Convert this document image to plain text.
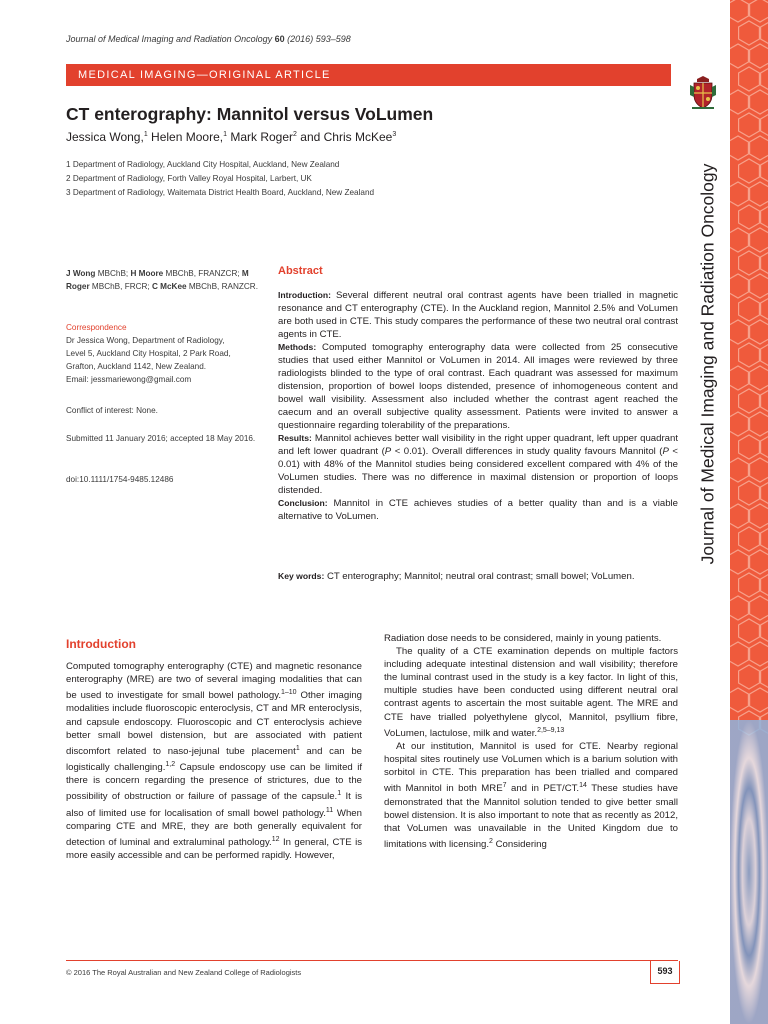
Journal of Medical Imaging and Radiation Oncology 60 (2016) 593–598
MEDICAL IMAGING—ORIGINAL ARTICLE
CT enterography: Mannitol versus VoLumen
Jessica Wong,$^1$ Helen Moore,$^1$ Mark Roger$^2$ and Chris McKee$^3$
1 Department of Radiology, Auckland City Hospital, Auckland, New Zealand
2 Department of Radiology, Forth Valley Royal Hospital, Larbert, UK
3 Department of Radiology, Waitemata District Health Board, Auckland, New Zealand
J Wong MBChB; H Moore MBChB, FRANZCR; M Roger MBChB, FRCR; C McKee MBChB, RANZCR.
Correspondence
Dr Jessica Wong, Department of Radiology,
Level 5, Auckland City Hospital, 2 Park Road,
Grafton, Auckland 1142, New Zealand.
Email: jessmariewong@gmail.com
Conflict of interest: None.
Submitted 11 January 2016; accepted 18 May 2016.
doi:10.1111/1754-9485.12486
Abstract

Introduction: Several different neutral oral contrast agents have been trialled in magnetic resonance and CT enterography (CTE). In the Auckland region, Mannitol 2.5% and VoLumen are both used in CTE. This study compares the performance of these two neutral oral contrast agents in CTE.

Methods: Computed tomography enterography data were collected from 25 consecutive studies that used either Mannitol or VoLumen in 2014. All images were reviewed by three radiologists blinded to the type of oral contrast. Each quadrant was assessed for maximum distension, proportion of bowel loops distended, presence of inhomogeneous content and bowel wall visibility. Assessment also included whether the contrast agent reached the caecum and an overall subjective quality assessment. Patients were invited to answer a questionnaire regarding tolerability of the preparations.

Results: Mannitol achieves better wall visibility in the right upper quadrant, left upper quadrant and left lower quadrant (P < 0.01). Overall differences in study quality favours Mannitol (P < 0.01) with 48% of the Mannitol studies being considered excellent compared with 4% of the VoLumen studies. There was no difference in maximal distension or proportion of loops distended.

Conclusion: Mannitol in CTE achieves studies of a better quality than and is a viable alternative to VoLumen.

Key words: CT enterography; Mannitol; neutral oral contrast; small bowel; VoLumen.
Introduction

Computed tomography enterography (CTE) and magnetic resonance enterography (MRE) are two of several imaging modalities that can be used to investigate for small bowel pathology.$^{1-10}$ Other imaging modalities include fluoroscopic enteroclysis, CT and MR enteroclysis, and capsule endoscopy. Fluoroscopic and CT enteroclysis achieve better small bowel distension, but are associated with patient discomfort related to naso-jejunal tube placement$^1$ and can be logistically challenging.$^{1,2}$ Capsule endoscopy use can be limited if there is concern regarding the presence of strictures, due to the possibility of obstruction or failure of passage of the capsule.$^1$ It is also of limited use for localisation of small bowel pathology.$^{11}$ When comparing CTE and MRE, they are both generally equivalent for detection of luminal and extraluminal pathology.$^{12}$ In general, CTE is more easily accessible and can be performed rapidly. However,

Radiation dose needs to be considered, mainly in young patients.

The quality of a CTE examination depends on multiple factors including adequate intestinal distension and wall visibility; therefore the luminal contrast used in the study is a key factor. In light of this, multiple studies have been conducted using different neutral oral contrast agents to ascertain the most suitable agent. The MRE and CTE have trialled polyethylene glycol, Mannitol, psyllium fibre, VoLumen, lactulose, milk and water.$^{2,5-9,13}$

At our institution, Mannitol is used for CTE. Nearby regional hospital sites routinely use VoLumen which is a barium solution with sorbitol in CTE. This preparation has been trialled and compared with Mannitol in both MRE$^7$ and in PET/CT.$^{14}$ These studies have demonstrated that the Mannitol solution tended to give better small bowel distension. It is also important to note that as recently as 2012, that VoLumen was unavailable in the United Kingdom due to limitations with licensing.$^2$ Considering

© 2016 The Royal Australian and New Zealand College of Radiologists	593
Journal of Medical Imaging and Radiation Oncology
